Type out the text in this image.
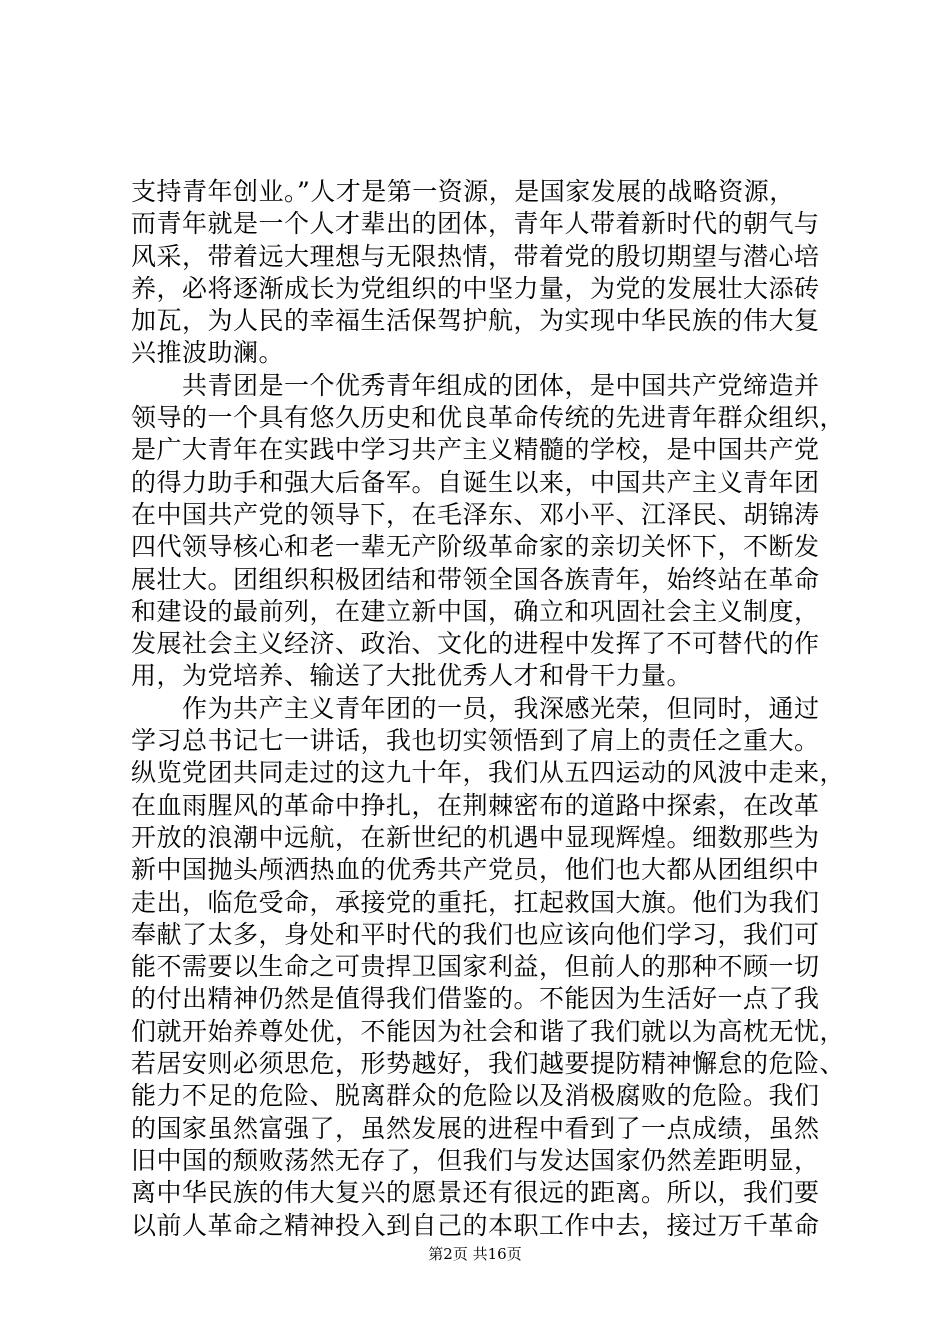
支持青年创业。”人才是第一资源，是国家发展的战略资源，
而青年就是一个人才辈出的团体，青年人带着新时代的朝气与
风采，带着远大理想与无限热情，带着党的殷切期望与潜心培
养，必将逐渐成长为党组织的中坚力量，为党的发展壮大添砖
加瓦，为人民的幸福生活保驾护航，为实现中华民族的伟大复
兴推波助澜。
　　共青团是一个优秀青年组成的团体，是中国共产党缔造并
领导的一个具有悠久历史和优良革命传统的先进青年群众组织，
是广大青年在实践中学习共产主义精髓的学校，是中国共产党
的得力助手和强大后备军。自诞生以来，中国共产主义青年团
在中国共产党的领导下，在毛泽东、邓小平、江泽民、胡锦涛
四代领导核心和老一辈无产阶级革命家的亲切关怀下，不断发
展壮大。团组织积极团结和带领全国各族青年，始终站在革命
和建设的最前列，在建立新中国，确立和巩固社会主义制度，
发展社会主义经济、政治、文化的进程中发挥了不可替代的作
用，为党培养、输送了大批优秀人才和骨干力量。
　　作为共产主义青年团的一员，我深感光荣，但同时，通过
学习总书记七一讲话，我也切实领悟到了肩上的责任之重大。
纵览党团共同走过的这九十年，我们从五四运动的风波中走来，
在血雨腥风的革命中挣扎，在荆棘密布的道路中探索，在改革
开放的浪潮中远航，在新世纪的机遇中显现辉煌。细数那些为
新中国抛头颅洒热血的优秀共产党员，他们也大都从团组织中
走出，临危受命，承接党的重托，扛起救国大旗。他们为我们
奉献了太多，身处和平时代的我们也应该向他们学习，我们可
能不需要以生命之可贵捍卫国家利益，但前人的那种不顾一切
的付出精神仍然是值得我们借鉴的。不能因为生活好一点了我
们就开始养尊处优，不能因为社会和谐了我们就以为高枕无忧，
若居安则必须思危，形势越好，我们越要提防精神懈怠的危险、
能力不足的危险、脱离群众的危险以及消极腐败的危险。我们
的国家虽然富强了，虽然发展的进程中看到了一点成绩，虽然
旧中国的颓败荡然无存了，但我们与发达国家仍然差距明显，
离中华民族的伟大复兴的愿景还有很远的距离。所以，我们要
以前人革命之精神投入到自己的本职工作中去，接过万千革命
第2页 共16页
